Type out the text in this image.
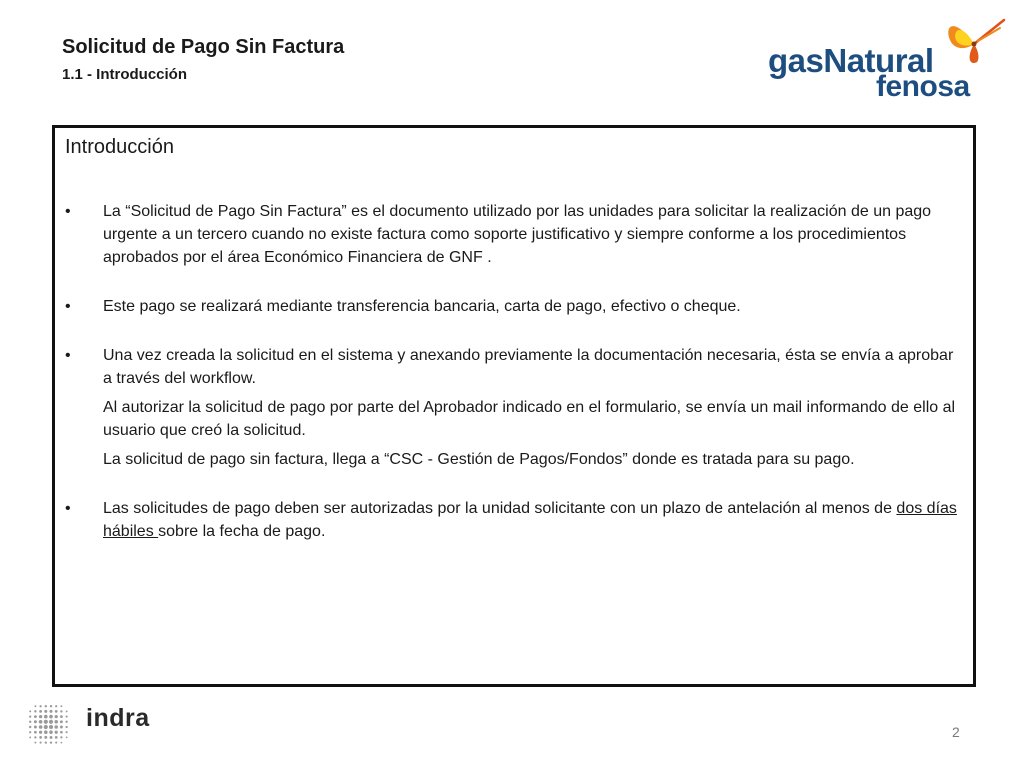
Solicitud de Pago Sin Factura
1.1 - Introducción	gasNatural
fenosa
Introducción
• La “Solicitud de Pago Sin Factura” es el documento utilizado por las unidades para solicitar la realización de un pago urgente a un tercero cuando no existe factura como soporte justificativo y siempre conforme a los procedimientos aprobados por el área Económico Financiera de GNF .
• Este pago se realizará mediante transferencia bancaria, carta de pago, efectivo o cheque.
• Una vez creada la solicitud en el sistema y anexando previamente la documentación necesaria, ésta se envía a aprobar a través del workflow.
Al autorizar la solicitud de pago por parte del Aprobador indicado en el formulario, se envía un mail informando de ello al usuario que creó la solicitud.
La solicitud de pago sin factura, llega a “CSC - Gestión de Pagos/Fondos” donde es tratada para su pago.
• Las solicitudes de pago deben ser autorizadas por la unidad solicitante con un plazo de antelación al menos de dos días hábiles sobre la fecha de pago.
indra	2
